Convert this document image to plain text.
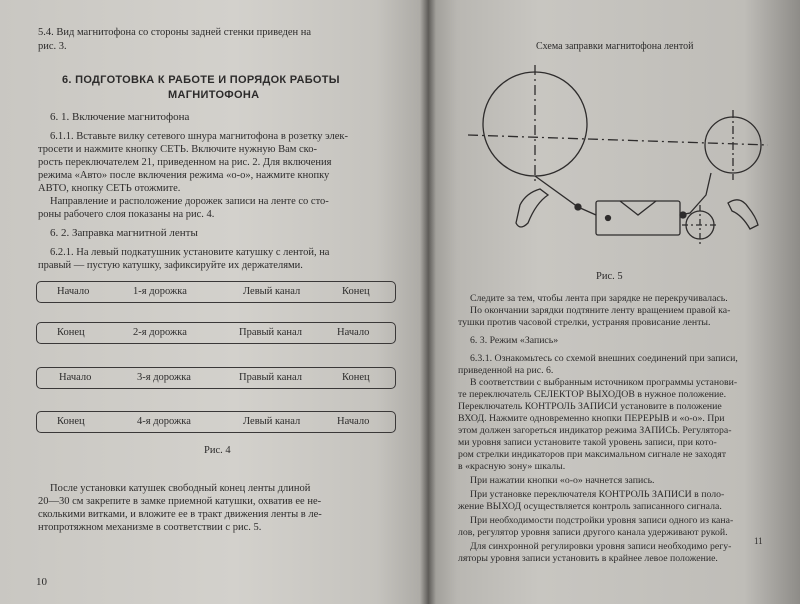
5.4. Вид магнитофона со стороны задней стенки приведен на
рис. 3.
6. ПОДГОТОВКА К РАБОТЕ И ПОРЯДОК РАБОТЫ
МАГНИТОФОНА
6. 1. Включение магнитофона
6.1.1. Вставьте вилку сетевого шнура магнитофона в розетку элек-
тросети и нажмите кнопку СЕТЬ. Включите нужную Вам ско-
рость переключателем 21, приведенном на рис. 2. Для включения
режима «Авто» после включения режима «о-о», нажмите кнопку
АВТО, кнопку СЕТЬ отожмите.
Направление и расположение дорожек записи на ленте со сто-
роны рабочего слоя показаны на рис. 4.
6. 2. Заправка магнитной ленты
6.2.1. На левый подкатушник установите катушку с лентой, на
правый — пустую катушку, зафиксируйте их держателями.
Начало	1-я дорожка	Левый канал	Конец
Конец	2-я дорожка	Правый канал	Начало
Начало	3-я дорожка	Правый канал	Конец
Конец	4-я дорожка	Левый канал	Начало
Рис. 4
После установки катушек свободный конец ленты длиной
20—30 см закрепите в замке приемной катушки, охватив ее не-
сколькими витками, и вложите ее в тракт движения ленты в ле-
нтопротяжном механизме в соответствии с рис. 5.
10
Схема заправки магнитофона лентой
Рис. 5
Следите за тем, чтобы лента при зарядке не перекручивалась.
По окончании зарядки подтяните ленту вращением правой ка-
тушки против часовой стрелки, устраняя провисание ленты.
6. 3. Режим «Запись»
6.3.1. Ознакомьтесь со схемой внешних соединений при записи,
приведенной на рис. 6.
В соответствии с выбранным источником программы установи-
те переключатель СЕЛЕКТОР ВЫХОДОВ в нужное положение.
Переключатель КОНТРОЛЬ ЗАПИСИ установите в положение
ВХОД. Нажмите одновременно кнопки ПЕРЕРЫВ и «о-о». При
этом должен загореться индикатор режима ЗАПИСЬ. Регулятора-
ми уровня записи установите такой уровень записи, при кото-
ром стрелки индикаторов при максимальном сигнале не заходят
в «красную зону» шкалы.
При нажатии кнопки «о-о» начнется запись.
При установке переключателя КОНТРОЛЬ ЗАПИСИ в поло-
жение ВЫХОД осуществляется контроль записанного сигнала.
При необходимости подстройки уровня записи одного из кана-
лов, регулятор уровня записи другого канала удерживают рукой.
Для синхронной регулировки уровня записи необходимо регу-
ляторы уровня записи установить в крайнее левое положение.
11
